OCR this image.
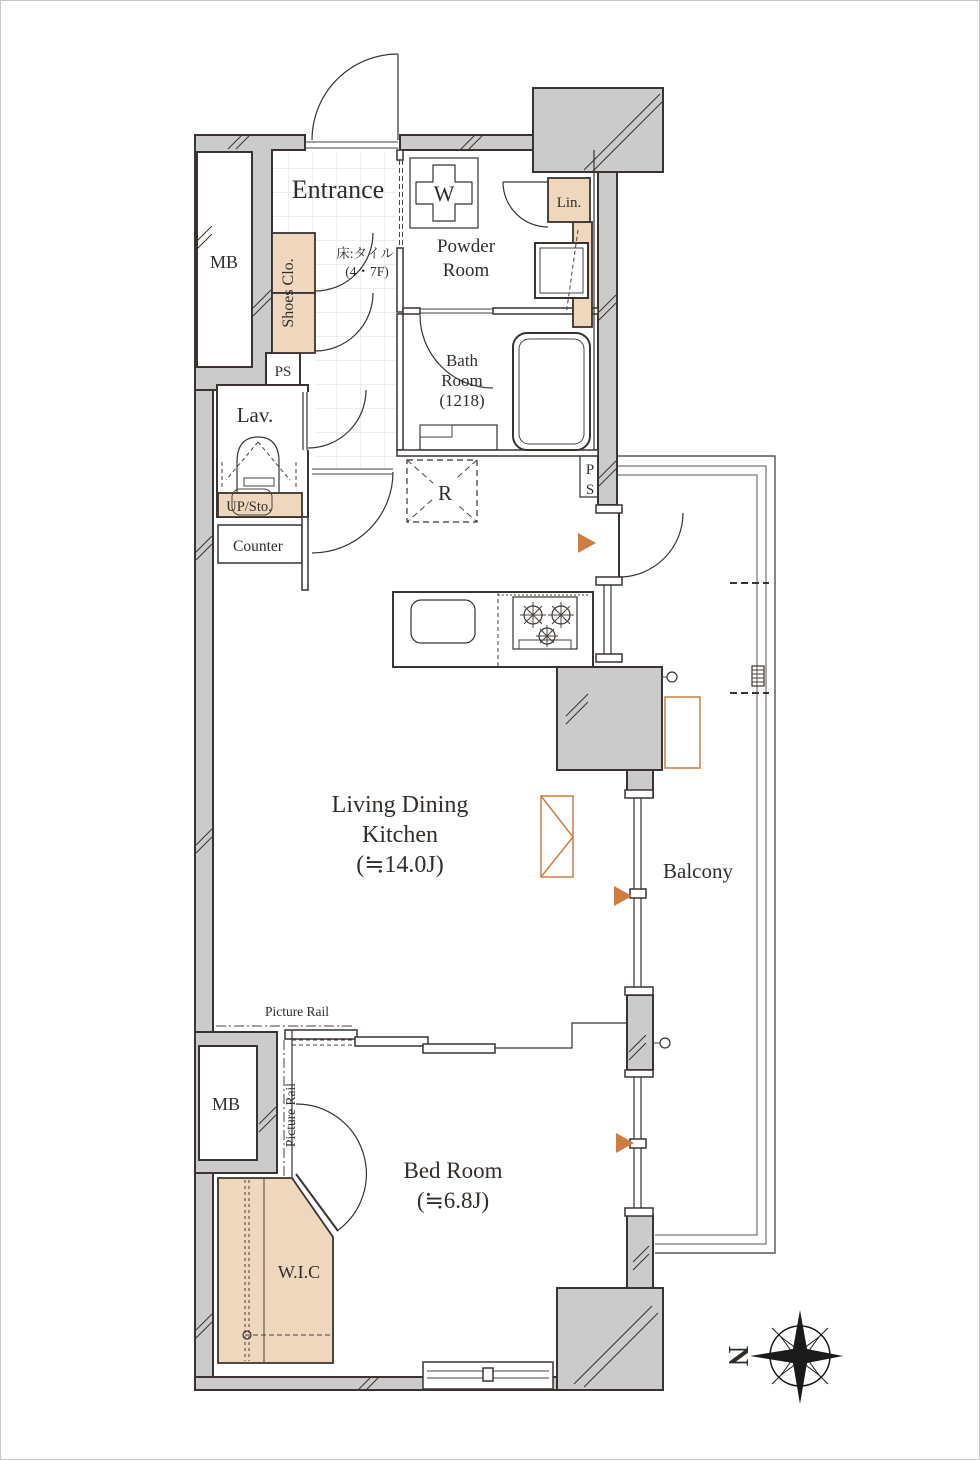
Entrance
MB	Shoes Clo.
床:タイル
(4・7F)
W
Powder
Room
Lin.
Bath
Room
(1218)
PS
Lav.
UP/Sto.
Counter
R
P
S
Living Dining
Kitchen
(≒14.0J)	Balcony
Picture Rail
Picture Rail
Bed Room
(≒6.8J)
W.I.C
MB
N
